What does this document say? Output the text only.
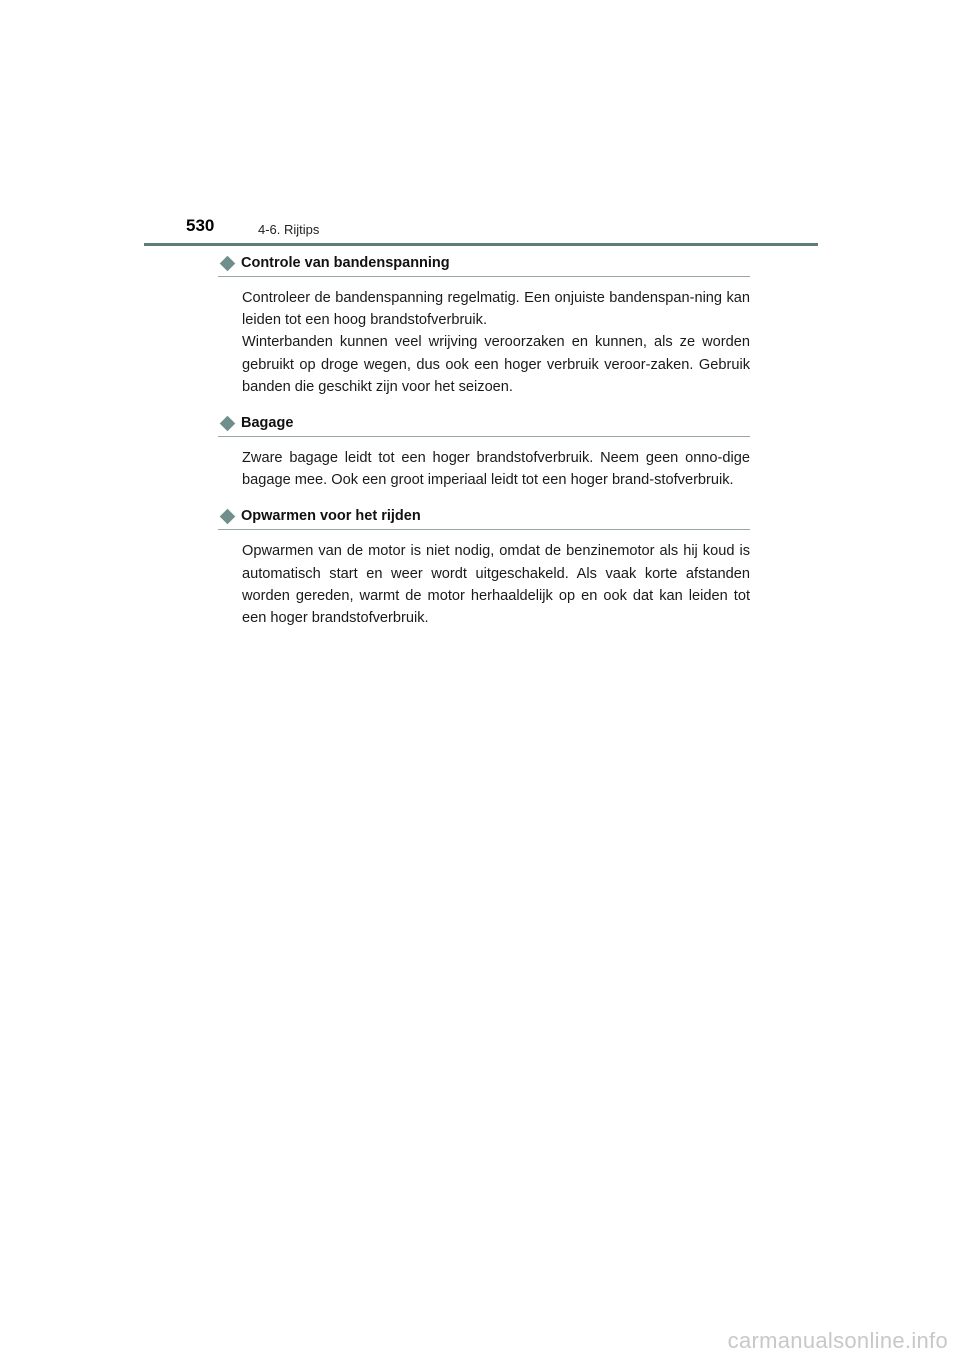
530	4-6. Rijtips
Controle van bandenspanning

Controleer de bandenspanning regelmatig. Een onjuiste bandenspan-ning kan leiden tot een hoog brandstofverbruik.

Winterbanden kunnen veel wrijving veroorzaken en kunnen, als ze worden gebruikt op droge wegen, dus ook een hoger verbruik veroor-zaken. Gebruik banden die geschikt zijn voor het seizoen.

Bagage

Zware bagage leidt tot een hoger brandstofverbruik. Neem geen onno-dige bagage mee. Ook een groot imperiaal leidt tot een hoger brand-stofverbruik.

Opwarmen voor het rijden

Opwarmen van de motor is niet nodig, omdat de benzinemotor als hij koud is automatisch start en weer wordt uitgeschakeld. Als vaak korte afstanden worden gereden, warmt de motor herhaaldelijk op en ook dat kan leiden tot een hoger brandstofverbruik.

carmanualsonline.info
